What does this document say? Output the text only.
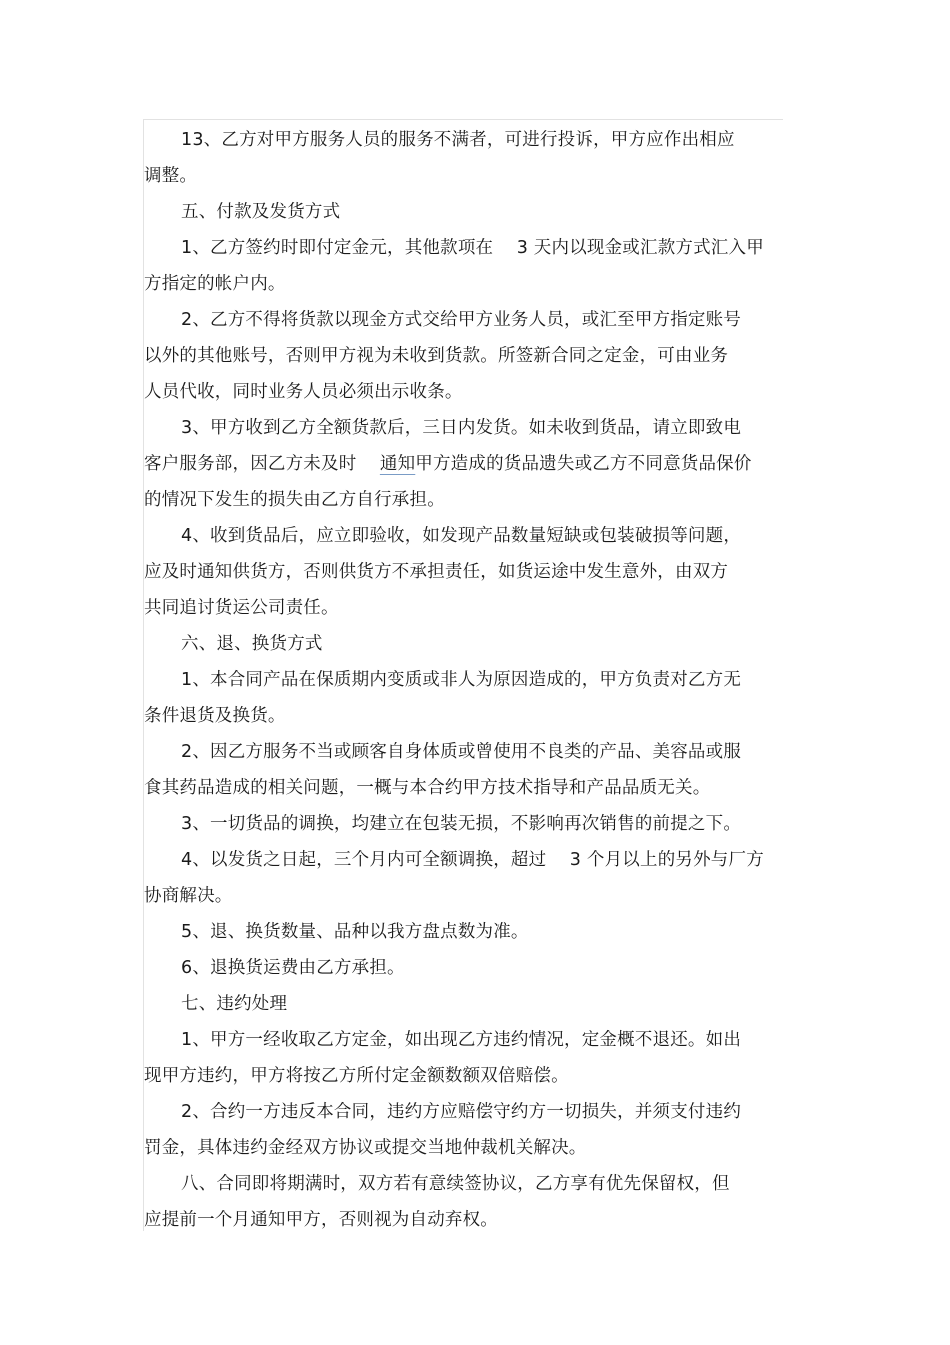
13、乙方对甲方服务人员的服务不满者，可进行投诉，甲方应作出相应
调整。
五、付款及发货方式
1、乙方签约时即付定金元，其他款项在　 3 天内以现金或汇款方式汇入甲
方指定的帐户内。
2、乙方不得将货款以现金方式交给甲方业务人员，或汇至甲方指定账号
以外的其他账号，否则甲方视为未收到货款。所签新合同之定金，可由业务
人员代收，同时业务人员必须出示收条。
3、甲方收到乙方全额货款后，三日内发货。如未收到货品，请立即致电
客户服务部，因乙方未及时　 通知甲方造成的货品遗失或乙方不同意货品保价
的情况下发生的损失由乙方自行承担。
4、收到货品后，应立即验收，如发现产品数量短缺或包装破损等问题，
应及时通知供货方，否则供货方不承担责任，如货运途中发生意外，由双方
共同追讨货运公司责任。
六、退、换货方式
1、本合同产品在保质期内变质或非人为原因造成的，甲方负责对乙方无
条件退货及换货。
2、因乙方服务不当或顾客自身体质或曾使用不良类的产品、美容品或服
食其药品造成的相关问题，一概与本合约甲方技术指导和产品品质无关。
3、一切货品的调换，均建立在包装无损，不影响再次销售的前提之下。
4、以发货之日起，三个月内可全额调换，超过　 3 个月以上的另外与厂方
协商解决。
5、退、换货数量、品种以我方盘点数为准。
6、退换货运费由乙方承担。
七、违约处理
1、甲方一经收取乙方定金，如出现乙方违约情况，定金概不退还。如出
现甲方违约，甲方将按乙方所付定金额数额双倍赔偿。
2、合约一方违反本合同，违约方应赔偿守约方一切损失，并须支付违约
罚金，具体违约金经双方协议或提交当地仲裁机关解决。
八、合同即将期满时，双方若有意续签协议，乙方享有优先保留权，但
应提前一个月通知甲方，否则视为自动弃权。
